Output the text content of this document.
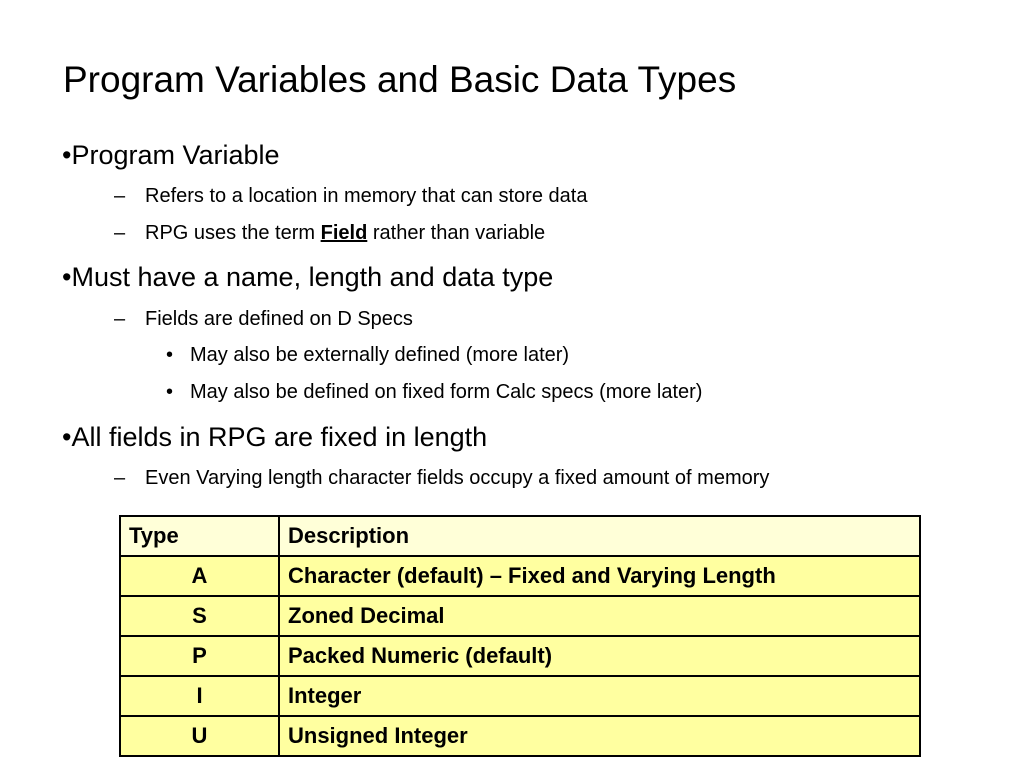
Program Variables and Basic Data Types
•Program Variable
– Refers to a location in memory that can store data
– RPG uses the term Field rather than variable
•Must have a name, length and data type
– Fields are defined on D Specs
• May also be externally defined (more later)
• May also be defined on fixed form Calc specs (more later)
•All fields in RPG are fixed in length
– Even Varying length character fields occupy a fixed amount of memory
Type	Description
A	Character (default) – Fixed and Varying Length
S	Zoned Decimal
P	Packed Numeric (default)
I	Integer
U	Unsigned Integer
